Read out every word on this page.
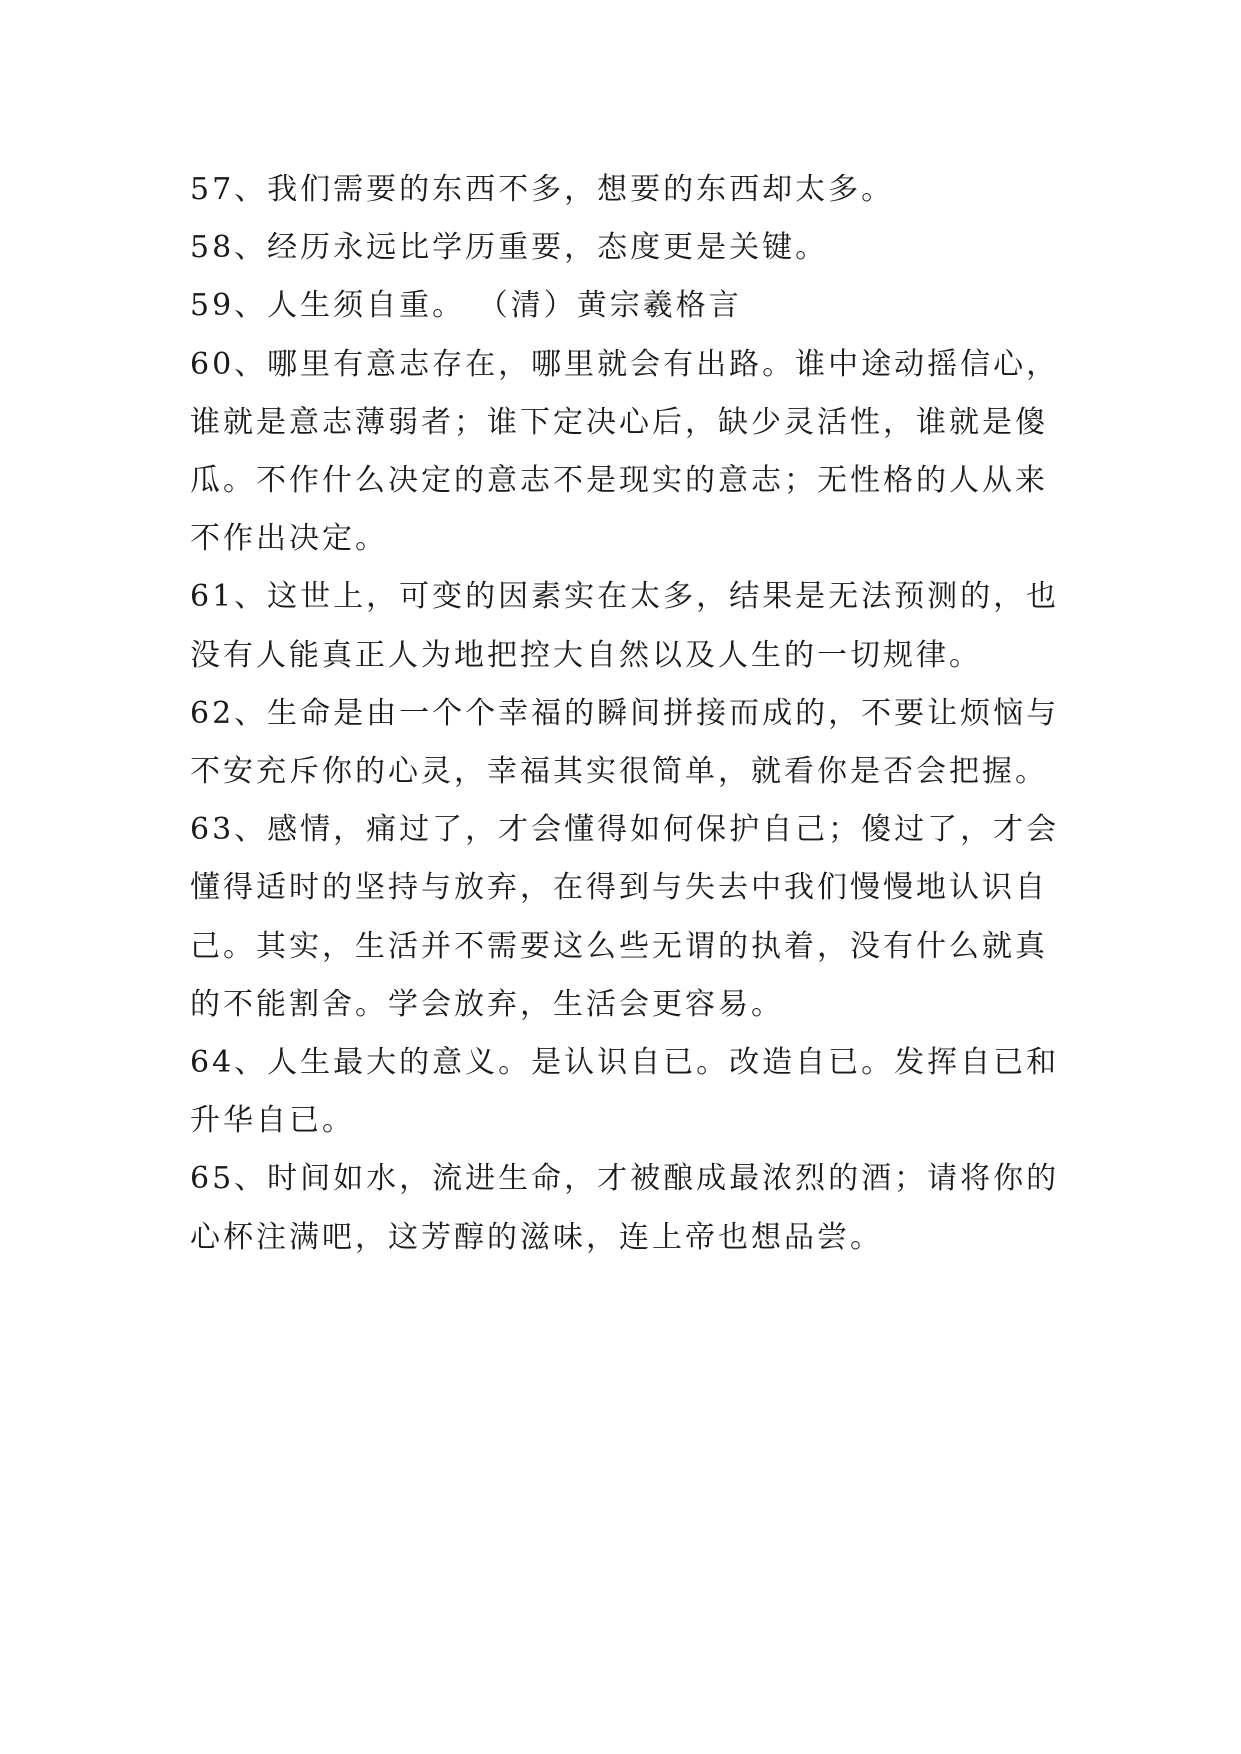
57、我们需要的东西不多，想要的东西却太多。

58、经历永远比学历重要，态度更是关键。

59、人生须自重。 （清）黄宗羲格言

60、哪里有意志存在，哪里就会有出路。谁中途动摇信心，谁就是意志薄弱者；谁下定决心后，缺少灵活性，谁就是傻瓜。不作什么决定的意志不是现实的意志；无性格的人从来不作出决定。

61、这世上，可变的因素实在太多，结果是无法预测的，也没有人能真正人为地把控大自然以及人生的一切规律。

62、生命是由一个个幸福的瞬间拼接而成的，不要让烦恼与不安充斥你的心灵，幸福其实很简单，就看你是否会把握。

63、感情，痛过了，才会懂得如何保护自己；傻过了，才会懂得适时的坚持与放弃，在得到与失去中我们慢慢地认识自己。其实，生活并不需要这么些无谓的执着，没有什么就真的不能割舍。学会放弃，生活会更容易。

64、人生最大的意义。是认识自已。改造自已。发挥自已和升华自已。

65、时间如水，流进生命，才被酿成最浓烈的酒；请将你的心杯注满吧，这芳醇的滋味，连上帝也想品尝。
